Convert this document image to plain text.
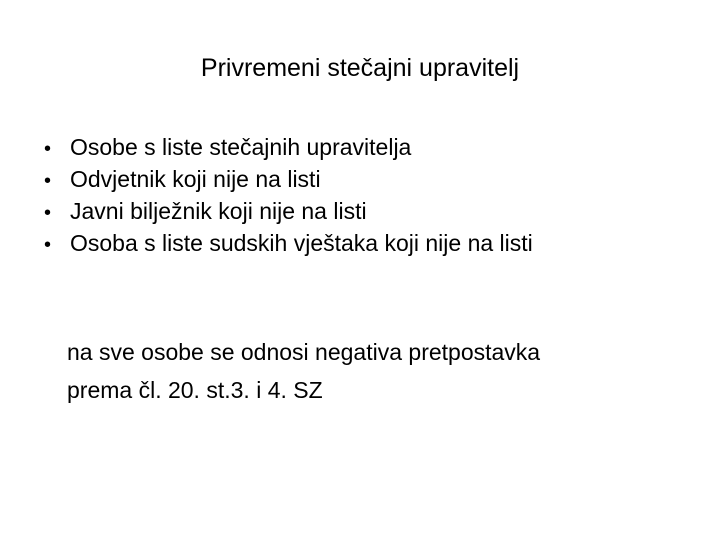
Privremeni stečajni upravitelj
• Osobe s liste stečajnih upravitelja
• Odvjetnik koji nije na listi
• Javni bilježnik koji nije na listi
• Osoba s liste sudskih vještaka koji nije na listi

na sve osobe se odnosi negativa pretpostavka
prema čl. 20. st.3. i 4. SZ
